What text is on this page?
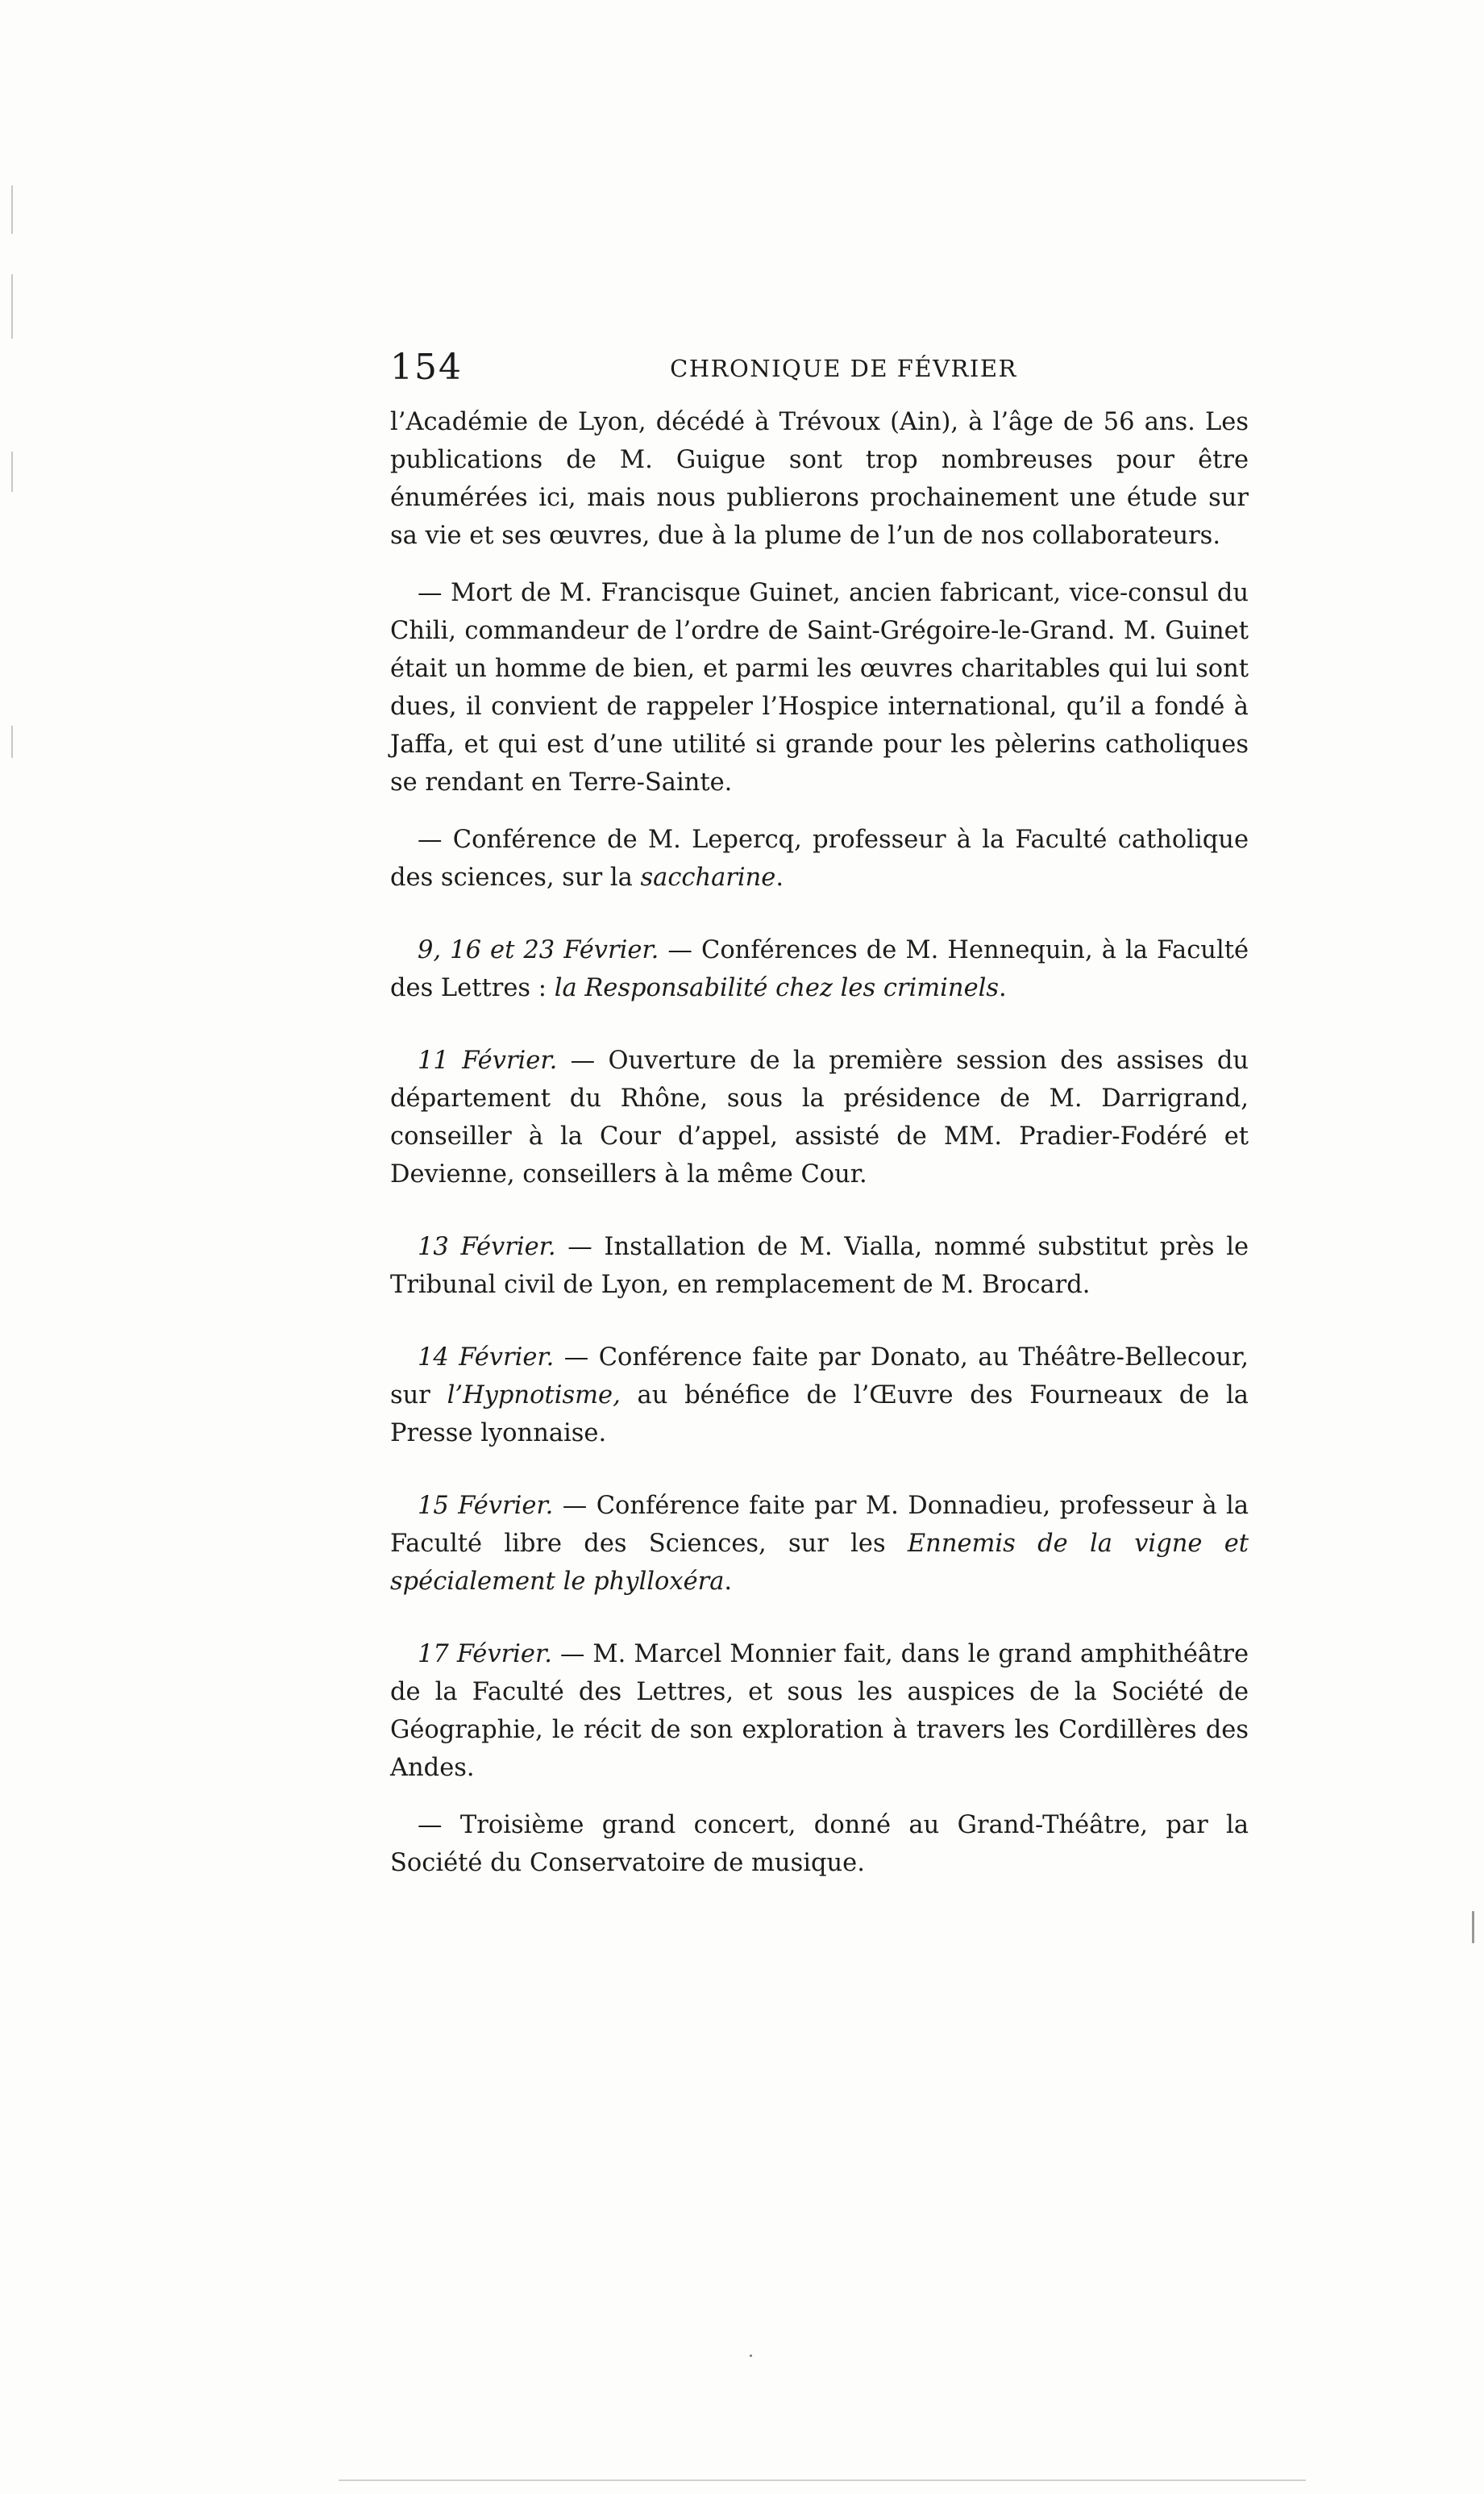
154	CHRONIQUE DE FÉVRIER

l’Académie de Lyon, décédé à Trévoux (Ain), à l’âge de 56 ans. Les publications de M. Guigue sont trop nombreuses pour être énumérées ici, mais nous publierons prochainement une étude sur sa vie et ses œuvres, due à la plume de l’un de nos collaborateurs.

— Mort de M. Francisque Guinet, ancien fabricant, vice-consul du Chili, commandeur de l’ordre de Saint-Grégoire-le-Grand. M. Guinet était un homme de bien, et parmi les œuvres charitables qui lui sont dues, il convient de rappeler l’Hospice international, qu’il a fondé à Jaffa, et qui est d’une utilité si grande pour les pèlerins catholiques se rendant en Terre-Sainte.

— Conférence de M. Lepercq, professeur à la Faculté catholique des sciences, sur la saccharine.

9, 16 et 23 Février. — Conférences de M. Hennequin, à la Faculté des Lettres : la Responsabilité chez les criminels.

11 Février. — Ouverture de la première session des assises du département du Rhône, sous la présidence de M. Darrigrand, conseiller à la Cour d’appel, assisté de MM. Pradier-Fodéré et Devienne, conseillers à la même Cour.

13 Février. — Installation de M. Vialla, nommé substitut près le Tribunal civil de Lyon, en remplacement de M. Brocard.

14 Février. — Conférence faite par Donato, au Théâtre-Bellecour, sur l’Hypnotisme, au bénéfice de l’Œuvre des Fourneaux de la Presse lyonnaise.

15 Février. — Conférence faite par M. Donnadieu, professeur à la Faculté libre des Sciences, sur les Ennemis de la vigne et spécialement le phylloxéra.

17 Février. — M. Marcel Monnier fait, dans le grand amphithéâtre de la Faculté des Lettres, et sous les auspices de la Société de Géographie, le récit de son exploration à travers les Cordillères des Andes.

— Troisième grand concert, donné au Grand-Théâtre, par la Société du Conservatoire de musique.
